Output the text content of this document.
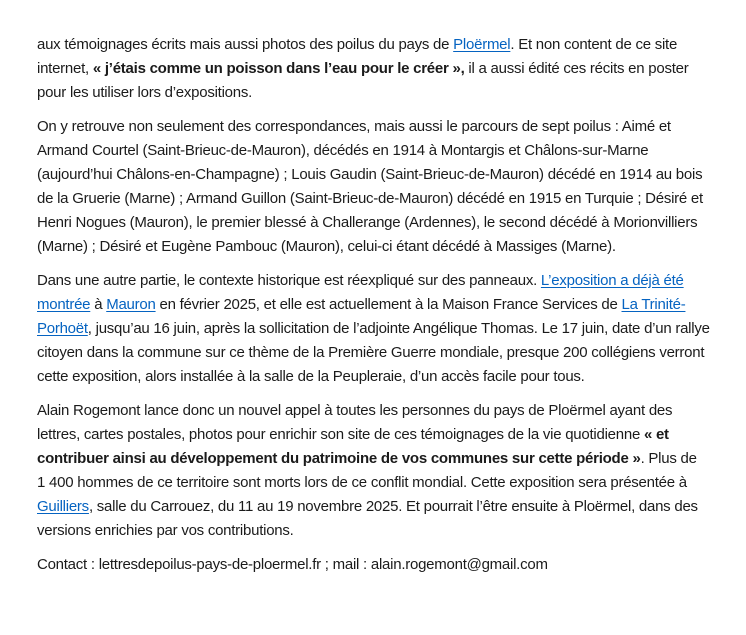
aux témoignages écrits mais aussi photos des poilus du pays de Ploërmel. Et non content de ce site internet, « j’étais comme un poisson dans l’eau pour le créer », il a aussi édité ces récits en poster pour les utiliser lors d’expositions.

On y retrouve non seulement des correspondances, mais aussi le parcours de sept poilus : Aimé et Armand Courtel (Saint-Brieuc-de-Mauron), décédés en 1914 à Montargis et Châlons-sur-Marne (aujourd’hui Châlons-en-Champagne) ; Louis Gaudin (Saint-Brieuc-de-Mauron) décédé en 1914 au bois de la Gruerie (Marne) ; Armand Guillon (Saint-Brieuc-de-Mauron) décédé en 1915 en Turquie ; Désiré et Henri Nogues (Mauron), le premier blessé à Challerange (Ardennes), le second décédé à Morionvilliers (Marne) ; Désiré et Eugène Pambouc (Mauron), celui-ci étant décédé à Massiges (Marne).

Dans une autre partie, le contexte historique est réexpliqué sur des panneaux. L’exposition a déjà été montrée à Mauron en février 2025, et elle est actuellement à la Maison France Services de La Trinité-Porhoët, jusqu’au 16 juin, après la sollicitation de l’adjointe Angélique Thomas. Le 17 juin, date d’un rallye citoyen dans la commune sur ce thème de la Première Guerre mondiale, presque 200 collégiens verront cette exposition, alors installée à la salle de la Peupleraie, d’un accès facile pour tous.

Alain Rogemont lance donc un nouvel appel à toutes les personnes du pays de Ploërmel ayant des lettres, cartes postales, photos pour enrichir son site de ces témoignages de la vie quotidienne « et contribuer ainsi au développement du patrimoine de vos communes sur cette période ». Plus de 1 400 hommes de ce territoire sont morts lors de ce conflit mondial. Cette exposition sera présentée à Guilliers, salle du Carrouez, du 11 au 19 novembre 2025. Et pourrait l’être ensuite à Ploërmel, dans des versions enrichies par vos contributions.

Contact : lettresdepoilus-pays-de-ploermel.fr ; mail : alain.rogemont@gmail.com
